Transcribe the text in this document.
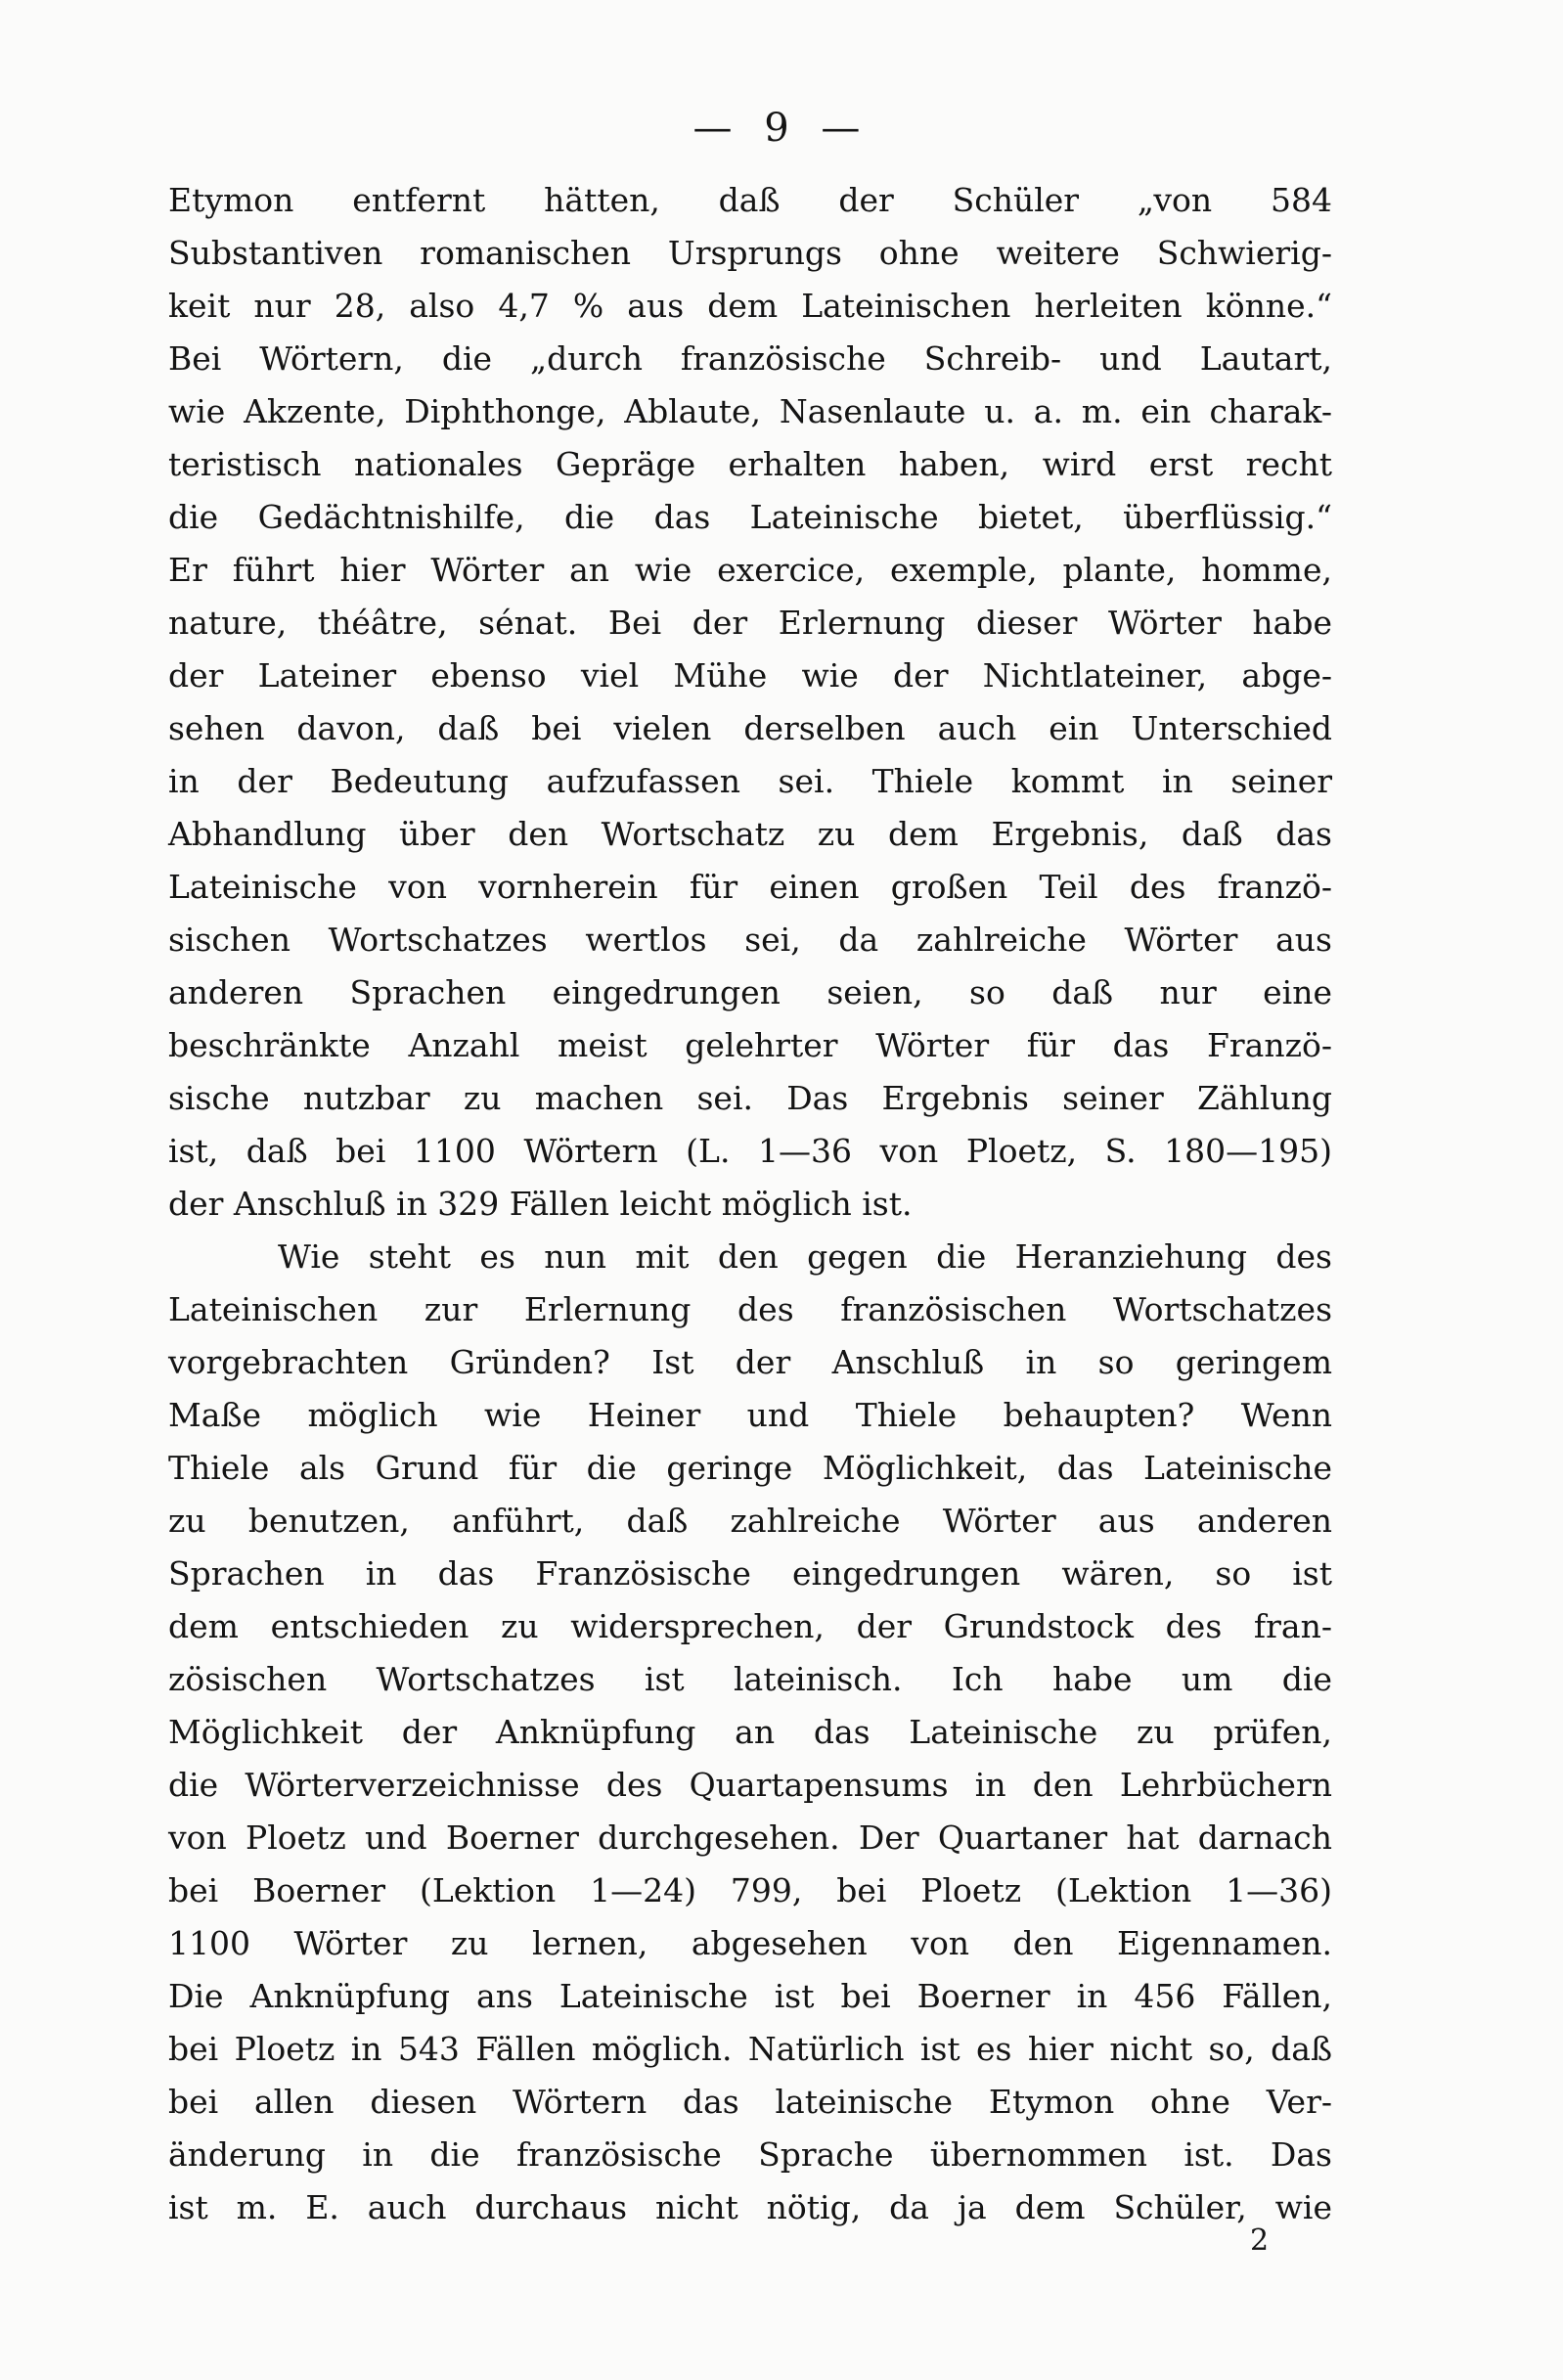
— 9 —
Etymon entfernt hätten, daß der Schüler „von 584
Substantiven romanischen Ursprungs ohne weitere Schwierig-
keit nur 28, also 4,7 % aus dem Lateinischen herleiten könne.“
Bei Wörtern, die „durch französische Schreib- und Lautart,
wie Akzente, Diphthonge, Ablaute, Nasenlaute u. a. m. ein charak-
teristisch nationales Gepräge erhalten haben, wird erst recht
die Gedächtnishilfe, die das Lateinische bietet, überflüssig.“
Er führt hier Wörter an wie exercice, exemple, plante, homme,
nature, théâtre, sénat. Bei der Erlernung dieser Wörter habe
der Lateiner ebenso viel Mühe wie der Nichtlateiner, abge-
sehen davon, daß bei vielen derselben auch ein Unterschied
in der Bedeutung aufzufassen sei. Thiele kommt in seiner
Abhandlung über den Wortschatz zu dem Ergebnis, daß das
Lateinische von vornherein für einen großen Teil des franzö-
sischen Wortschatzes wertlos sei, da zahlreiche Wörter aus
anderen Sprachen eingedrungen seien, so daß nur eine
beschränkte Anzahl meist gelehrter Wörter für das Franzö-
sische nutzbar zu machen sei. Das Ergebnis seiner Zählung
ist, daß bei 1100 Wörtern (L. 1—36 von Ploetz, S. 180—195)
der Anschluß in 329 Fällen leicht möglich ist.
Wie steht es nun mit den gegen die Heranziehung des
Lateinischen zur Erlernung des französischen Wortschatzes
vorgebrachten Gründen? Ist der Anschluß in so geringem
Maße möglich wie Heiner und Thiele behaupten? Wenn
Thiele als Grund für die geringe Möglichkeit, das Lateinische
zu benutzen, anführt, daß zahlreiche Wörter aus anderen
Sprachen in das Französische eingedrungen wären, so ist
dem entschieden zu widersprechen, der Grundstock des fran-
zösischen Wortschatzes ist lateinisch. Ich habe um die
Möglichkeit der Anknüpfung an das Lateinische zu prüfen,
die Wörterverzeichnisse des Quartapensums in den Lehrbüchern
von Ploetz und Boerner durchgesehen. Der Quartaner hat darnach
bei Boerner (Lektion 1—24) 799, bei Ploetz (Lektion 1—36)
1100 Wörter zu lernen, abgesehen von den Eigennamen.
Die Anknüpfung ans Lateinische ist bei Boerner in 456 Fällen,
bei Ploetz in 543 Fällen möglich. Natürlich ist es hier nicht so, daß
bei allen diesen Wörtern das lateinische Etymon ohne Ver-
änderung in die französische Sprache übernommen ist. Das
ist m. E. auch durchaus nicht nötig, da ja dem Schüler, wie
2
